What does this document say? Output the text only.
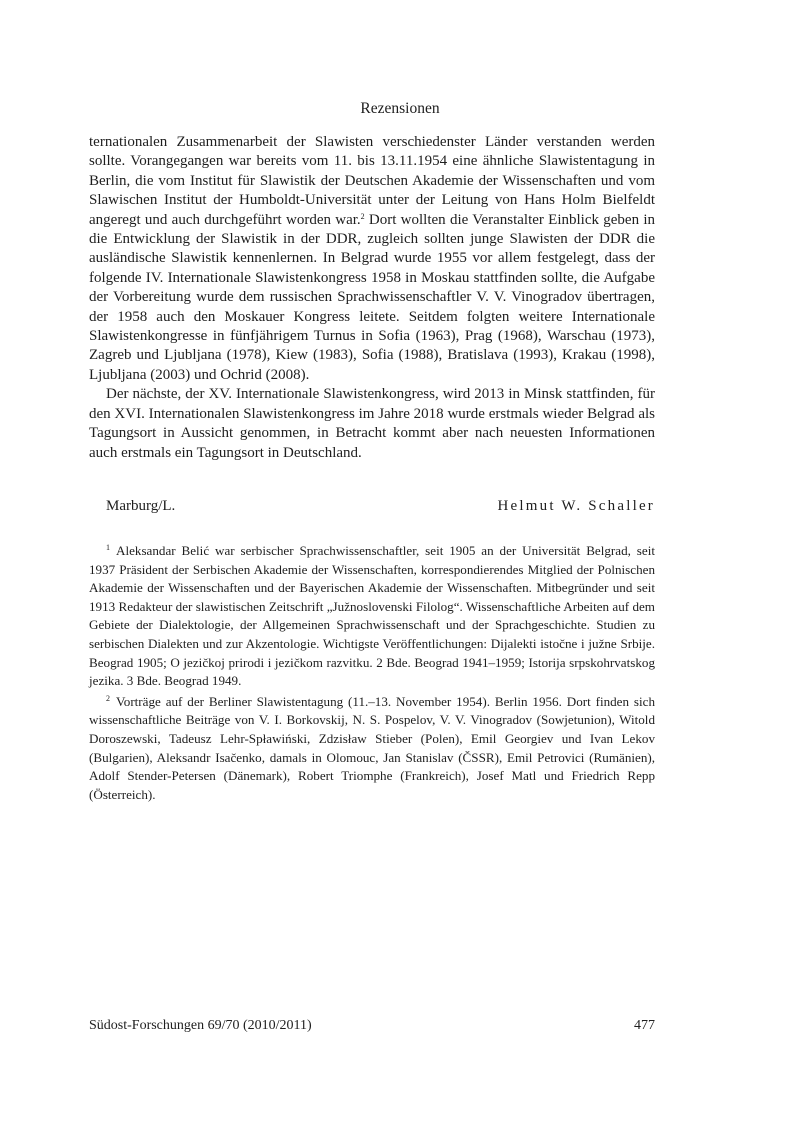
Rezensionen

ternationalen Zusammenarbeit der Slawisten verschiedenster Länder verstanden werden sollte. Vorangegangen war bereits vom 11. bis 13.11.1954 eine ähnliche Slawistentagung in Berlin, die vom Institut für Slawistik der Deutschen Akademie der Wissenschaften und vom Slawischen Institut der Humboldt-Universität unter der Leitung von Hans Holm Bielfeldt angeregt und auch durchgeführt worden war.$^2$ Dort wollten die Veranstalter Einblick geben in die Entwicklung der Slawistik in der DDR, zugleich sollten junge Slawisten der DDR die ausländische Slawistik kennenlernen. In Belgrad wurde 1955 vor allem festgelegt, dass der folgende IV. Internationale Slawistenkongress 1958 in Moskau stattfinden sollte, die Aufgabe der Vorbereitung wurde dem russischen Sprachwissenschaftler V. V. Vinogradov übertragen, der 1958 auch den Moskauer Kongress leitete. Seitdem folgten weitere Internationale Slawistenkongresse in fünfjährigem Turnus in Sofia (1963), Prag (1968), Warschau (1973), Zagreb und Ljubljana (1978), Kiew (1983), Sofia (1988), Bratislava (1993), Krakau (1998), Ljubljana (2003) und Ochrid (2008).

Der nächste, der XV. Internationale Slawistenkongress, wird 2013 in Minsk stattfinden, für den XVI. Internationalen Slawistenkongress im Jahre 2018 wurde erstmals wieder Belgrad als Tagungsort in Aussicht genommen, in Betracht kommt aber nach neuesten Informationen auch erstmals ein Tagungsort in Deutschland.

Marburg/L.	Helmut W. Schaller

$^1$ Aleksandar Belić war serbischer Sprachwissenschaftler, seit 1905 an der Universität Belgrad, seit 1937 Präsident der Serbischen Akademie der Wissenschaften, korrespondierendes Mitglied der Polnischen Akademie der Wissenschaften und der Bayerischen Akademie der Wissenschaften. Mitbegründer und seit 1913 Redakteur der slawistischen Zeitschrift „Južnoslovenski Filolog“. Wissenschaftliche Arbeiten auf dem Gebiete der Dialektologie, der Allgemeinen Sprachwissenschaft und der Sprachgeschichte. Studien zu serbischen Dialekten und zur Akzentologie. Wichtigste Veröffentlichungen: Dijalekti istočne i južne Srbije. Beograd 1905; O jezičkoj prirodi i jezičkom razvitku. 2 Bde. Beograd 1941–1959; Istorija srpskohrvatskog jezika. 3 Bde. Beograd 1949.

$^2$ Vorträge auf der Berliner Slawistentagung (11.–13. November 1954). Berlin 1956. Dort finden sich wissenschaftliche Beiträge von V. I. Borkovskij, N. S. Pospelov, V. V. Vinogradov (Sowjetunion), Witold Doroszewski, Tadeusz Lehr-Spławiński, Zdzisław Stieber (Polen), Emil Georgiev und Ivan Lekov (Bulgarien), Aleksandr Isačenko, damals in Olomouc, Jan Stanislav (ČSSR), Emil Petrovici (Rumänien), Adolf Stender-Petersen (Dänemark), Robert Triomphe (Frankreich), Josef Matl und Friedrich Repp (Österreich).

Südost-Forschungen 69/70 (2010/2011)	477
